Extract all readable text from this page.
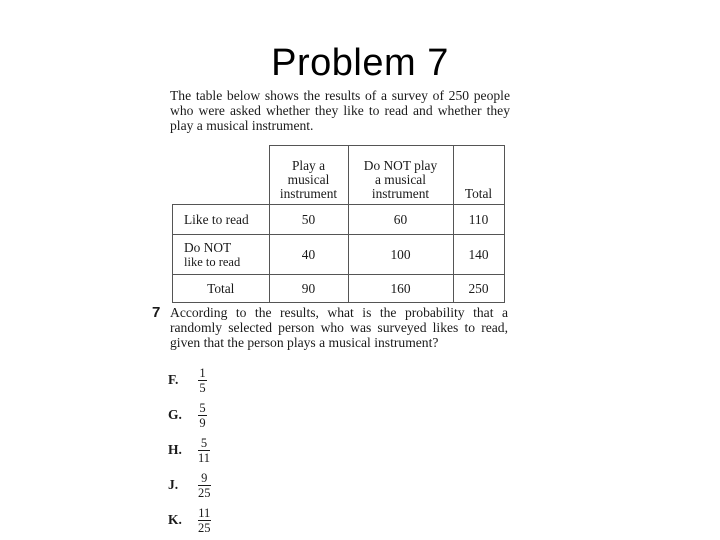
Problem 7
The table below shows the results of a survey of 250 people who were asked whether they like to read and whether they play a musical instrument.

	Play a
musical
instrument	Do NOT play
a musical
instrument	Total

Like to read	50	60	110

Do NOT
like to read	40	100	140
Total	90	160	250
7 According to the results, what is the probability that a randomly selected person who was surveyed likes to read, given that the person plays a musical instrument?
F.	$\frac{1}{5}$
G.	$\frac{5}{9}$
H.	$\frac{5}{11}$
J.	$\frac{9}{25}$
K.	$\frac{11}{25}$
